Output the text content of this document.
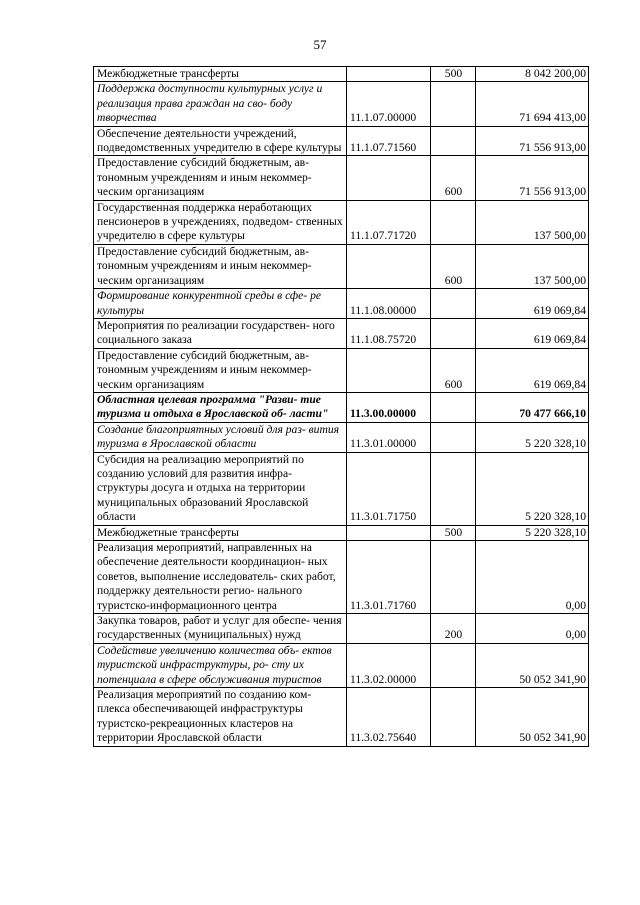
57
Межбюджетные трансферты		500	8 042 200,00
Поддержка доступности культурных услуг и реализация права граждан на сво- боду творчества	11.1.07.00000		71 694 413,00
Обеспечение деятельности учреждений, подведомственных учредителю в сфере культуры	11.1.07.71560		71 556 913,00
Предоставление субсидий бюджетным, ав- тономным учреждениям и иным некоммер- ческим организациям		600	71 556 913,00
Государственная поддержка неработающих пенсионеров в учреждениях, подведом- ственных учредителю в сфере культуры	11.1.07.71720		137 500,00
Предоставление субсидий бюджетным, ав- тономным учреждениям и иным некоммер- ческим организациям		600	137 500,00
Формирование конкурентной среды в сфе- ре культуры	11.1.08.00000		619 069,84
Мероприятия по реализации государствен- ного социального заказа	11.1.08.75720		619 069,84
Предоставление субсидий бюджетным, ав- тономным учреждениям и иным некоммер- ческим организациям		600	619 069,84
Областная целевая программа "Разви- тие туризма и отдыха в Ярославской об- ласти"	11.3.00.00000		70 477 666,10
Создание благоприятных условий для раз- вития туризма в Ярославской области	11.3.01.00000		5 220 328,10
Субсидия на реализацию мероприятий по созданию условий для развития инфра- структуры досуга и отдыха на территории муниципальных образований Ярославской области	11.3.01.71750		5 220 328,10
Межбюджетные трансферты		500	5 220 328,10
Реализация мероприятий, направленных на обеспечение деятельности координацион- ных советов, выполнение исследователь- ских работ, поддержку деятельности регио- нального туристско-информационного центра	11.3.01.71760		0,00
Закупка товаров, работ и услуг для обеспе- чения государственных (муниципальных) нужд		200	0,00
Содействие увеличению количества объ- ектов туристской инфраструктуры, ро- сту их потенциала в сфере обслуживания туристов	11.3.02.00000		50 052 341,90
Реализация мероприятий по созданию ком- плекса обеспечивающей инфраструктуры туристско-рекреационных кластеров на территории Ярославской области	11.3.02.75640		50 052 341,90
